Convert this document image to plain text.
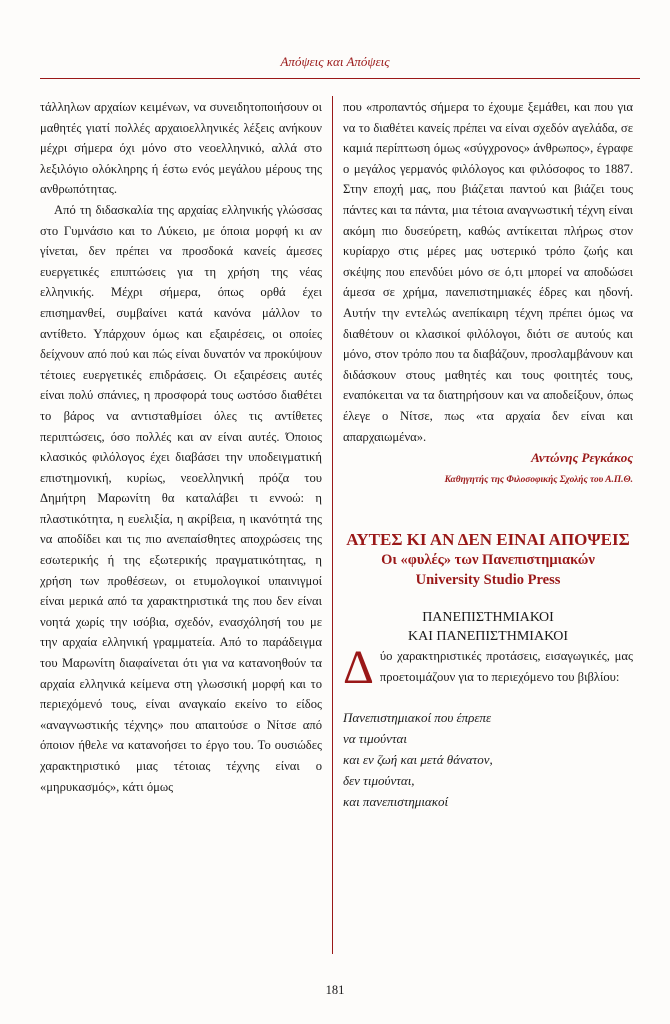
Απόψεις και Απόψεις

τάλληλων αρχαίων κειμένων, να συνειδητοποιήσουν οι μαθητές γιατί πολλές αρχαιοελληνικές λέξεις ανήκουν μέχρι σήμερα όχι μόνο στο νεοελληνικό, αλλά στο λεξιλόγιο ολόκληρης ή έστω ενός μεγάλου μέρους της ανθρωπότητας.

Από τη διδασκαλία της αρχαίας ελληνικής γλώσσας στο Γυμνάσιο και το Λύκειο, με όποια μορφή κι αν γίνεται, δεν πρέπει να προσδοκά κανείς άμεσες ευεργετικές επιπτώσεις για τη χρήση της νέας ελληνικής. Μέχρι σήμερα, όπως ορθά έχει επισημανθεί, συμβαίνει κατά κανόνα μάλλον το αντίθετο. Υπάρχουν όμως και εξαιρέσεις, οι οποίες δείχνουν από πού και πώς είναι δυνατόν να προκύψουν τέτοιες ευεργετικές επιδράσεις. Οι εξαιρέσεις αυτές είναι πολύ σπάνιες, η προσφορά τους ωστόσο διαθέτει το βάρος να αντισταθμίσει όλες τις αντίθετες περιπτώσεις, όσο πολλές και αν είναι αυτές. Όποιος κλασικός φιλόλογος έχει διαβάσει την υποδειγματική επιστημονική, κυρίως, νεοελληνική πρόζα του Δημήτρη Μαρωνίτη θα καταλάβει τι εννοώ: η πλαστικότητα, η ευελιξία, η ακρίβεια, η ικανότητά της να αποδίδει και τις πιο ανεπαίσθητες αποχρώσεις της εσωτερικής ή της εξωτερικής πραγματικότητας, η χρήση των προθέσεων, οι ετυμολογικοί υπαινιγμοί είναι μερικά από τα χαρακτηριστικά της που δεν είναι νοητά χωρίς την ισόβια, σχεδόν, ενασχόλησή του με την αρχαία ελληνική γραμματεία. Από το παράδειγμα του Μαρωνίτη διαφαίνεται ότι για να κατανοηθούν τα αρχαία ελληνικά κείμενα στη γλωσσική μορφή και το περιεχόμενό τους, είναι αναγκαίο εκείνο το είδος «αναγνωστικής τέχνης» που απαιτούσε ο Νίτσε από όποιον ήθελε να κατανοήσει το έργο του. Το ουσιώδες χαρακτηριστικό μιας τέτοιας τέχνης είναι ο «μηρυκασμός», κάτι όμως

που «προπαντός σήμερα το έχουμε ξεμάθει, και που για να το διαθέτει κανείς πρέπει να είναι σχεδόν αγελάδα, σε καμιά περίπτωση όμως «σύγχρονος» άνθρωπος», έγραφε ο μεγάλος γερμανός φιλόλογος και φιλόσοφος το 1887. Στην εποχή μας, που βιάζεται παντού και βιάζει τους πάντες και τα πάντα, μια τέτοια αναγνωστική τέχνη είναι ακόμη πιο δυσεύρετη, καθώς αντίκειται πλήρως στον κυρίαρχο στις μέρες μας υστερικό τρόπο ζωής και σκέψης που επενδύει μόνο σε ό,τι μπορεί να αποδώσει άμεσα σε χρήμα, πανεπιστημιακές έδρες και ηδονή. Αυτήν την εντελώς ανεπίκαιρη τέχνη πρέπει όμως να διαθέτουν οι κλασικοί φιλόλογοι, διότι σε αυτούς και μόνο, στον τρόπο που τα διαβάζουν, προσλαμβάνουν και διδάσκουν στους μαθητές και τους φοιτητές τους, εναπόκειται να τα διατηρήσουν και να αποδείξουν, όπως έλεγε ο Νίτσε, πως «τα αρχαία δεν είναι και απαρχαιωμένα».

Αντώνης Ρεγκάκος
Καθηγητής της Φιλοσοφικής Σχολής του Α.Π.Θ.
ΑΥΤΕΣ ΚΙ ΑΝ ΔΕΝ ΕΙΝΑΙ ΑΠΟΨΕΙΣ
Οι «φυλές» των Πανεπιστημιακών
University Studio Press
ΠΑΝΕΠΙΣΤΗΜΙΑΚΟΙ
ΚΑΙ ΠΑΝΕΠΙΣΤΗΜΙΑΚΟΙ

Δύο χαρακτηριστικές προτάσεις, εισαγωγικές, μας προετοιμάζουν για το περιεχόμενο του βιβλίου:

Πανεπιστημιακοί που έπρεπε
να τιμούνται
και εν ζωή και μετά θάνατον,
δεν τιμούνται,
και πανεπιστημιακοί
181
